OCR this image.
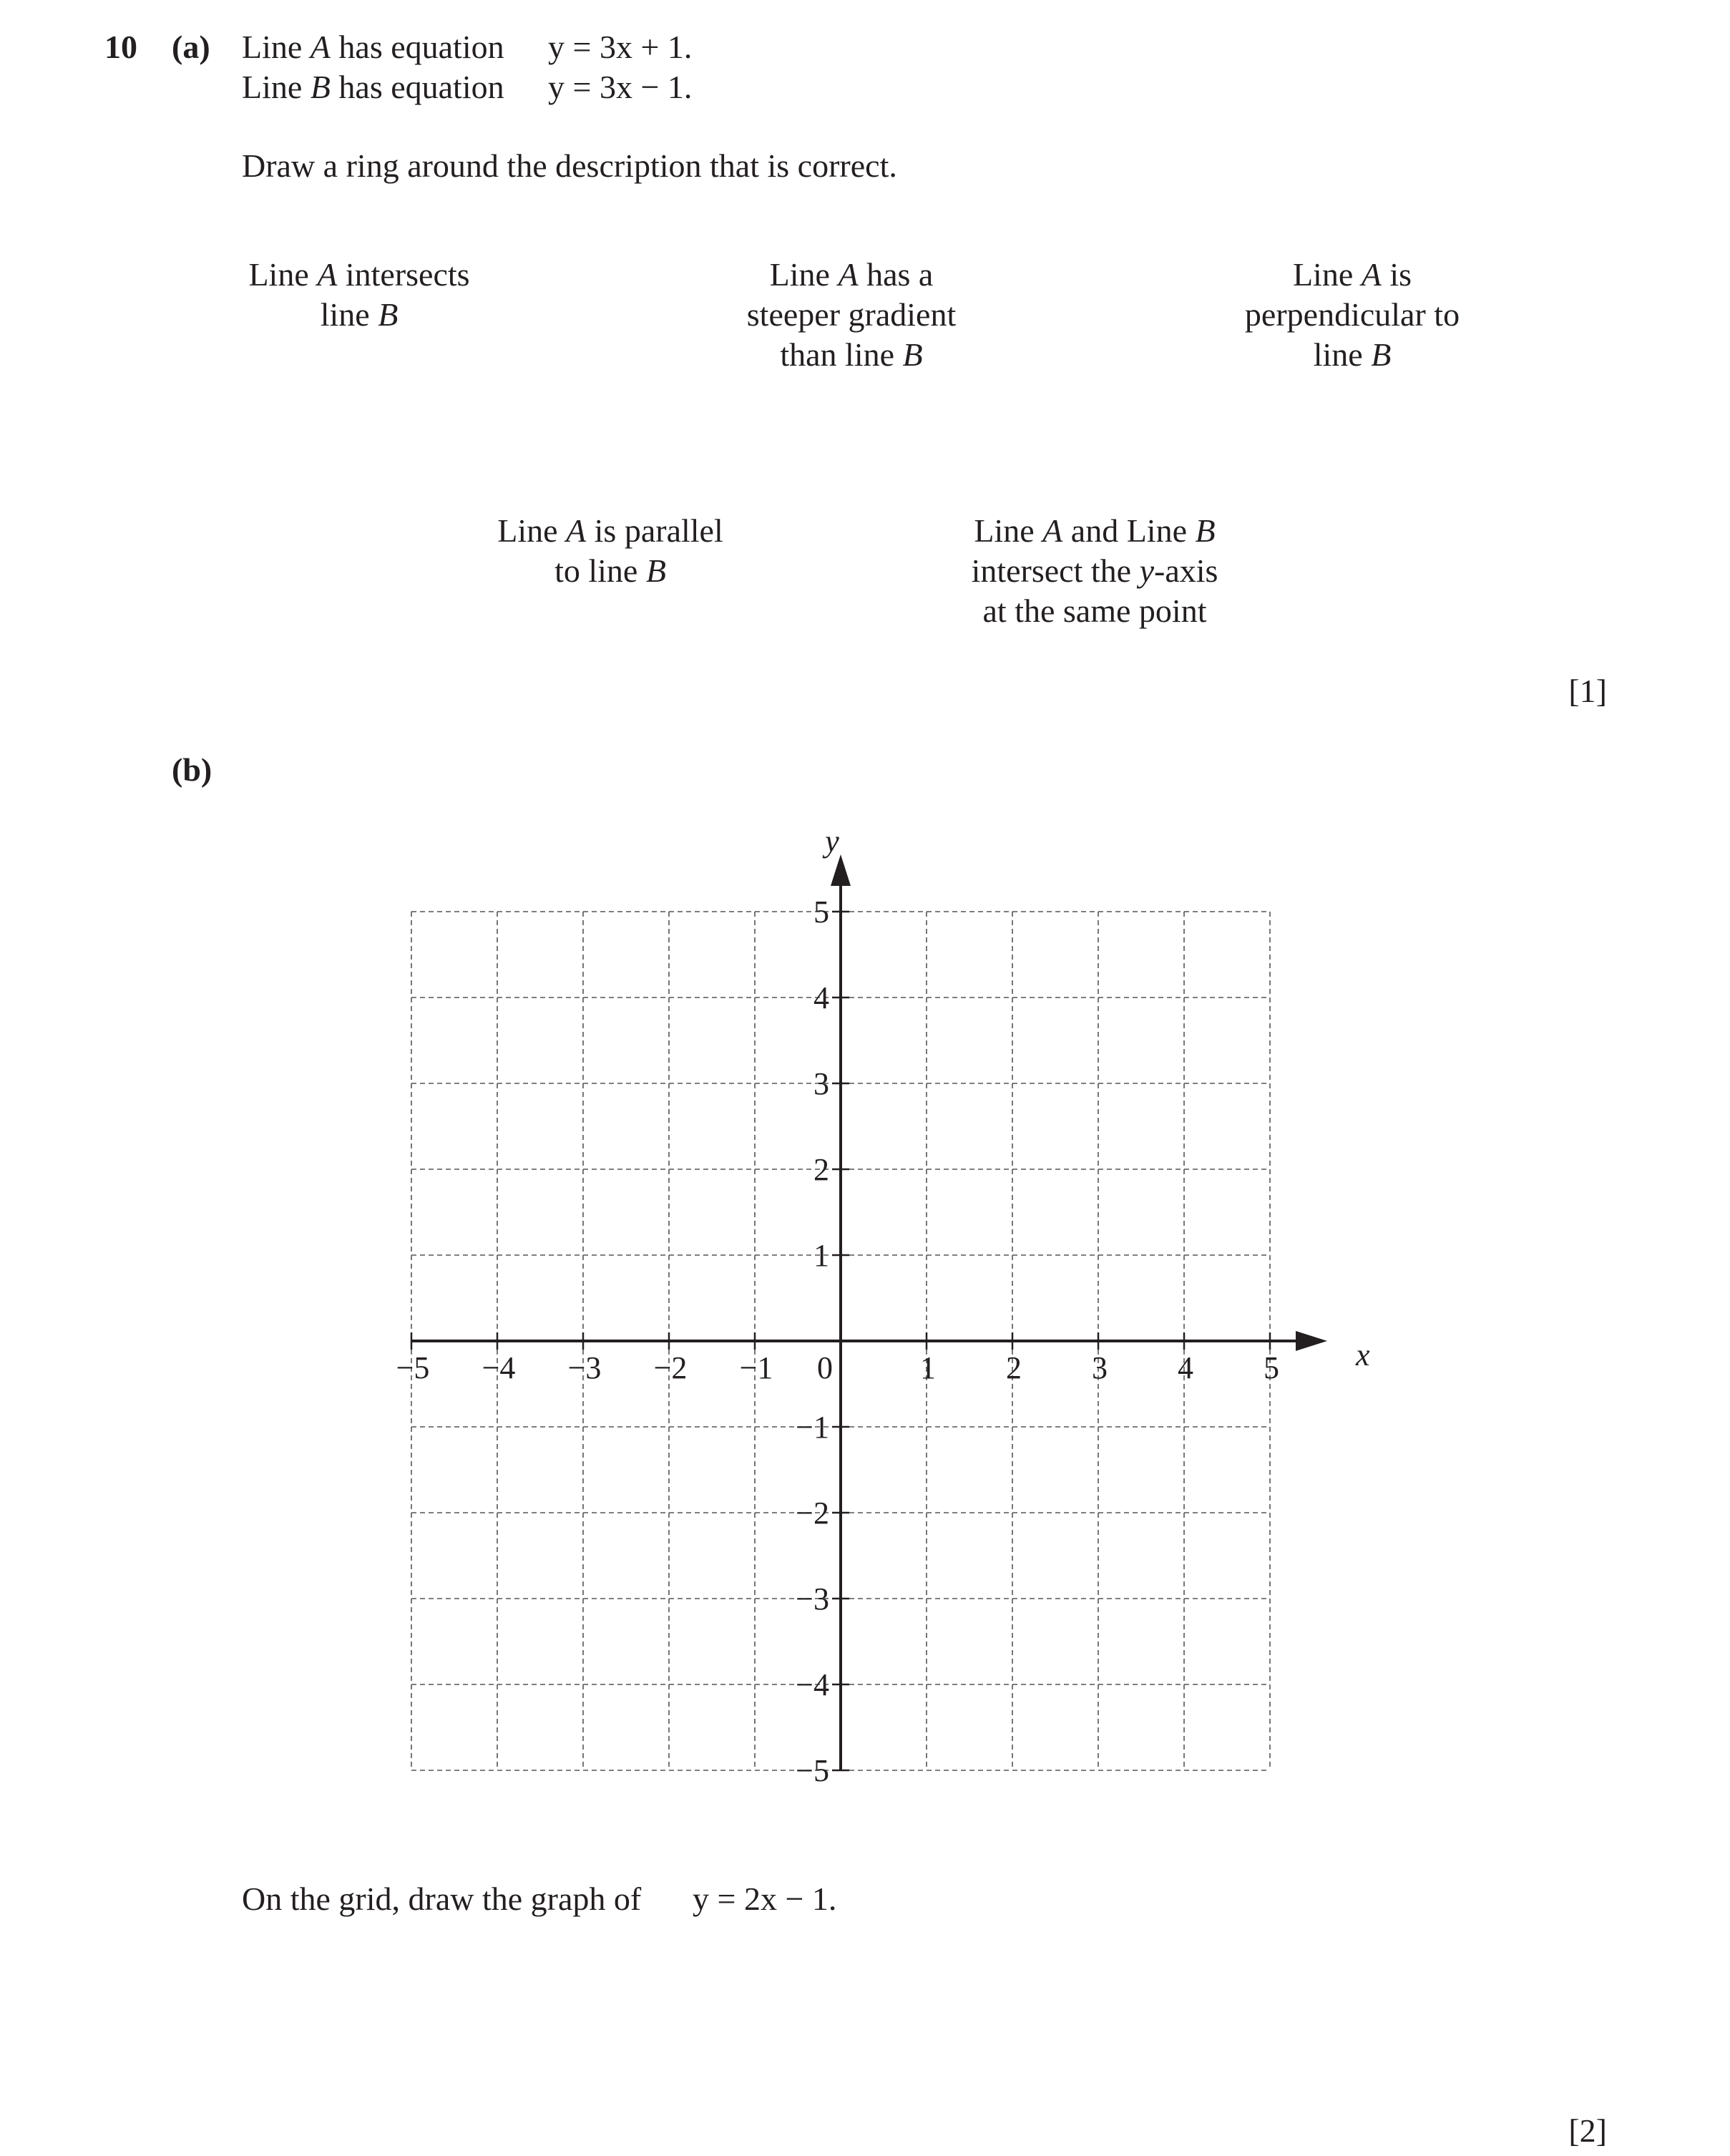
10 (a) Line A has equation y = 3x + 1.
Line B has equation y = 3x − 1.
Draw a ring around the description that is correct.
Line A intersects
line B
Line A has a
steeper gradient
than line B
Line A is
perpendicular to
line B
Line A is parallel
to line B
Line A and Line B
intersect the y-axis
at the same point
[1]
(b)
−5 −4 −3 −2 −1 0	1 2 3 4 5
−5
−4
−3
−2
−1
1
2
3
4
5
x
y
On the grid, draw the graph of y = 2x − 1.
[2]
